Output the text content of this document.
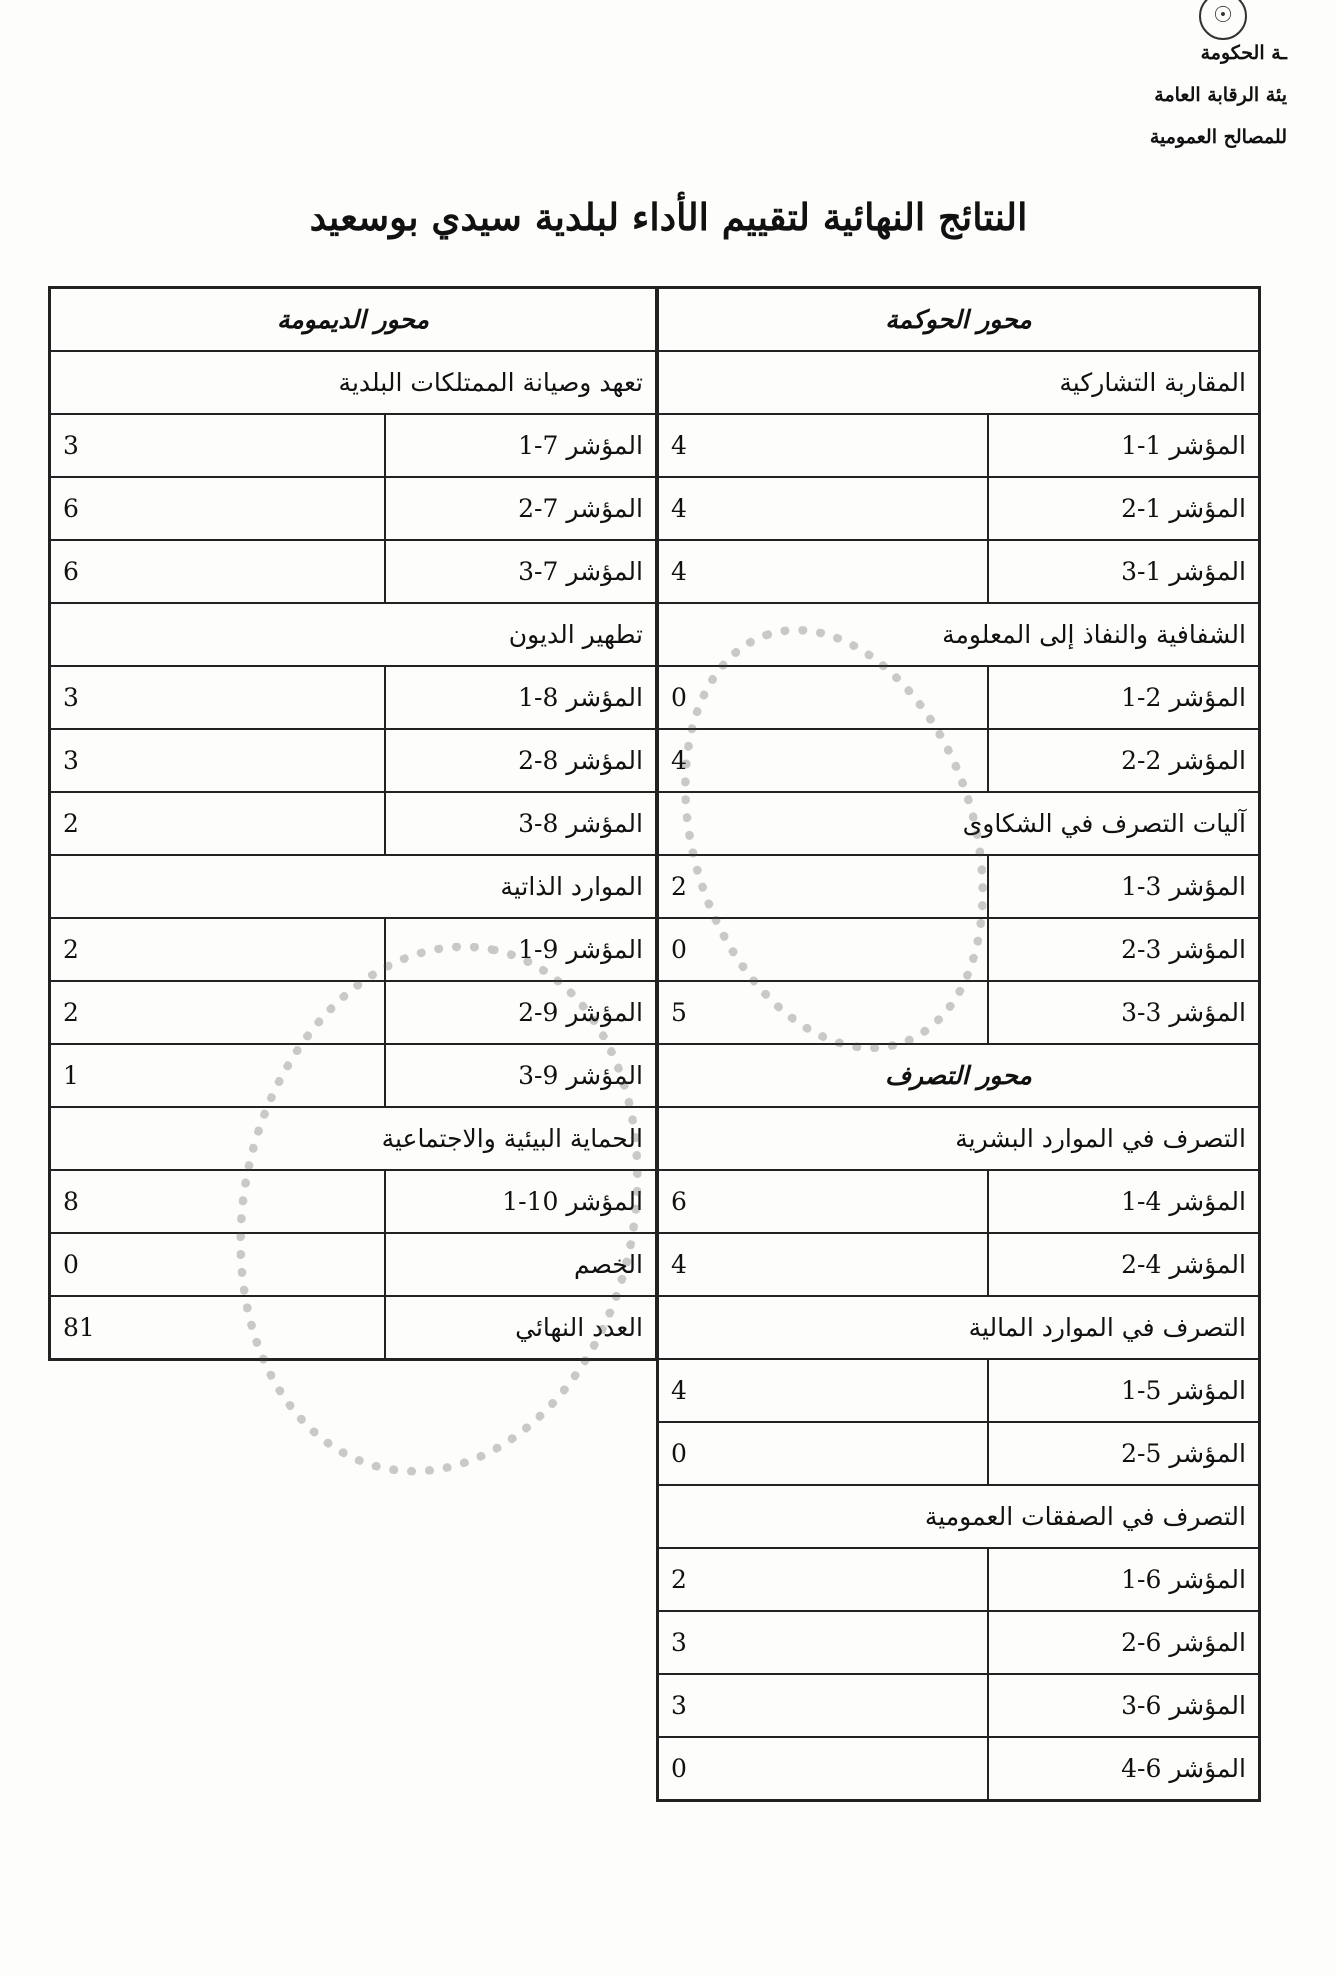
☉
ـة الحكومة
يئة الرقابة العامة
للمصالح العمومية
النتائج النهائية لتقييم الأداء لبلدية سيدي بوسعيد
محور الحوكمة	
المقاربة التشاركية	
المؤشر 1-1	4
المؤشر 1-2	4
المؤشر 1-3	4
الشفافية والنفاذ إلى المعلومة	
المؤشر 2-1	0
المؤشر 2-2	4
آليات التصرف في الشكاوى	
المؤشر 3-1	2
المؤشر 3-2	0
المؤشر 3-3	5
محور التصرف	
التصرف في الموارد البشرية	
المؤشر 4-1	6
المؤشر 4-2	4
التصرف في الموارد المالية	
المؤشر 5-1	4
المؤشر 5-2	0
التصرف في الصفقات العمومية	
المؤشر 6-1	2
المؤشر 6-2	3
المؤشر 6-3	3
المؤشر 6-4	0
محور الديمومة	
تعهد وصيانة الممتلكات البلدية	
المؤشر 7-1	3
المؤشر 7-2	6
المؤشر 7-3	6
تطهير الديون	
المؤشر 8-1	3
المؤشر 8-2	3
المؤشر 8-3	2
الموارد الذاتية	
المؤشر 9-1	2
المؤشر 9-2	2
المؤشر 9-3	1
الحماية البيئية والاجتماعية	
المؤشر 10-1	8
الخصم	0
العدد النهائي	81
